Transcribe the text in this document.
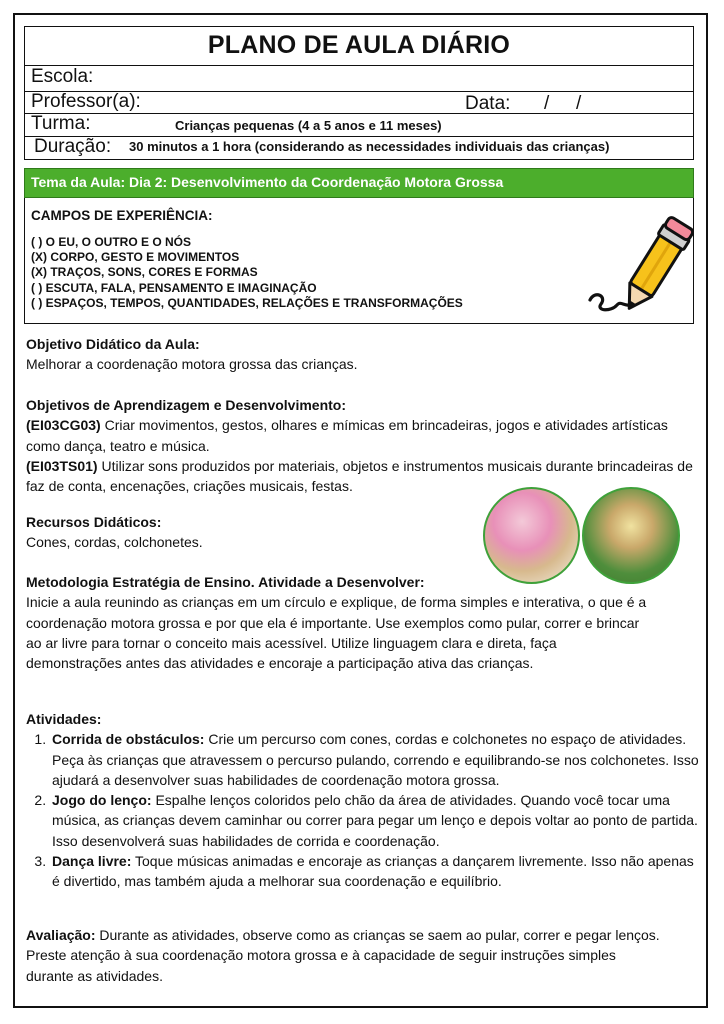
PLANO DE AULA DIÁRIO
Escola:
Professor(a):	Data: / /
Turma:	Crianças pequenas (4 a 5 anos e 11 meses)
Duração: 30 minutos a 1 hora (considerando as necessidades individuais das crianças)
Tema da Aula: Dia 2: Desenvolvimento da Coordenação Motora Grossa
CAMPOS DE EXPERIÊNCIA:
( ) O EU, O OUTRO E O NÓS
(X) CORPO, GESTO E MOVIMENTOS
(X) TRAÇOS, SONS, CORES E FORMAS
( ) ESCUTA, FALA, PENSAMENTO E IMAGINAÇÃO
( ) ESPAÇOS, TEMPOS, QUANTIDADES, RELAÇÕES E TRANSFORMAÇÕES
Objetivo Didático da Aula:
Melhorar a coordenação motora grossa das crianças.
Objetivos de Aprendizagem e Desenvolvimento:
(EI03CG03) Criar movimentos, gestos, olhares e mímicas em brincadeiras, jogos e atividades artísticas como dança, teatro e música.
(EI03TS01) Utilizar sons produzidos por materiais, objetos e instrumentos musicais durante brincadeiras de faz de conta, encenações, criações musicais, festas.
Recursos Didáticos:
Cones, cordas, colchonetes.
Metodologia Estratégia de Ensino. Atividade a Desenvolver:
Inicie a aula reunindo as crianças em um círculo e explique, de forma simples e interativa, o que é a coordenação motora grossa e por que ela é importante. Use exemplos como pular, correr e brincar ao ar livre para tornar o conceito mais acessível. Utilize linguagem clara e direta, faça demonstrações antes das atividades e encoraje a participação ativa das crianças.
Atividades:
1. Corrida de obstáculos: Crie um percurso com cones, cordas e colchonetes no espaço de atividades. Peça às crianças que atravessem o percurso pulando, correndo e equilibrando-se nos colchonetes. Isso ajudará a desenvolver suas habilidades de coordenação motora grossa.
2. Jogo do lenço: Espalhe lenços coloridos pelo chão da área de atividades. Quando você tocar uma música, as crianças devem caminhar ou correr para pegar um lenço e depois voltar ao ponto de partida. Isso desenvolverá suas habilidades de corrida e coordenação.
3. Dança livre: Toque músicas animadas e encoraje as crianças a dançarem livremente. Isso não apenas é divertido, mas também ajuda a melhorar sua coordenação e equilíbrio.
Avaliação: Durante as atividades, observe como as crianças se saem ao pular, correr e pegar lenços. Preste atenção à sua coordenação motora grossa e à capacidade de seguir instruções simples durante as atividades.
